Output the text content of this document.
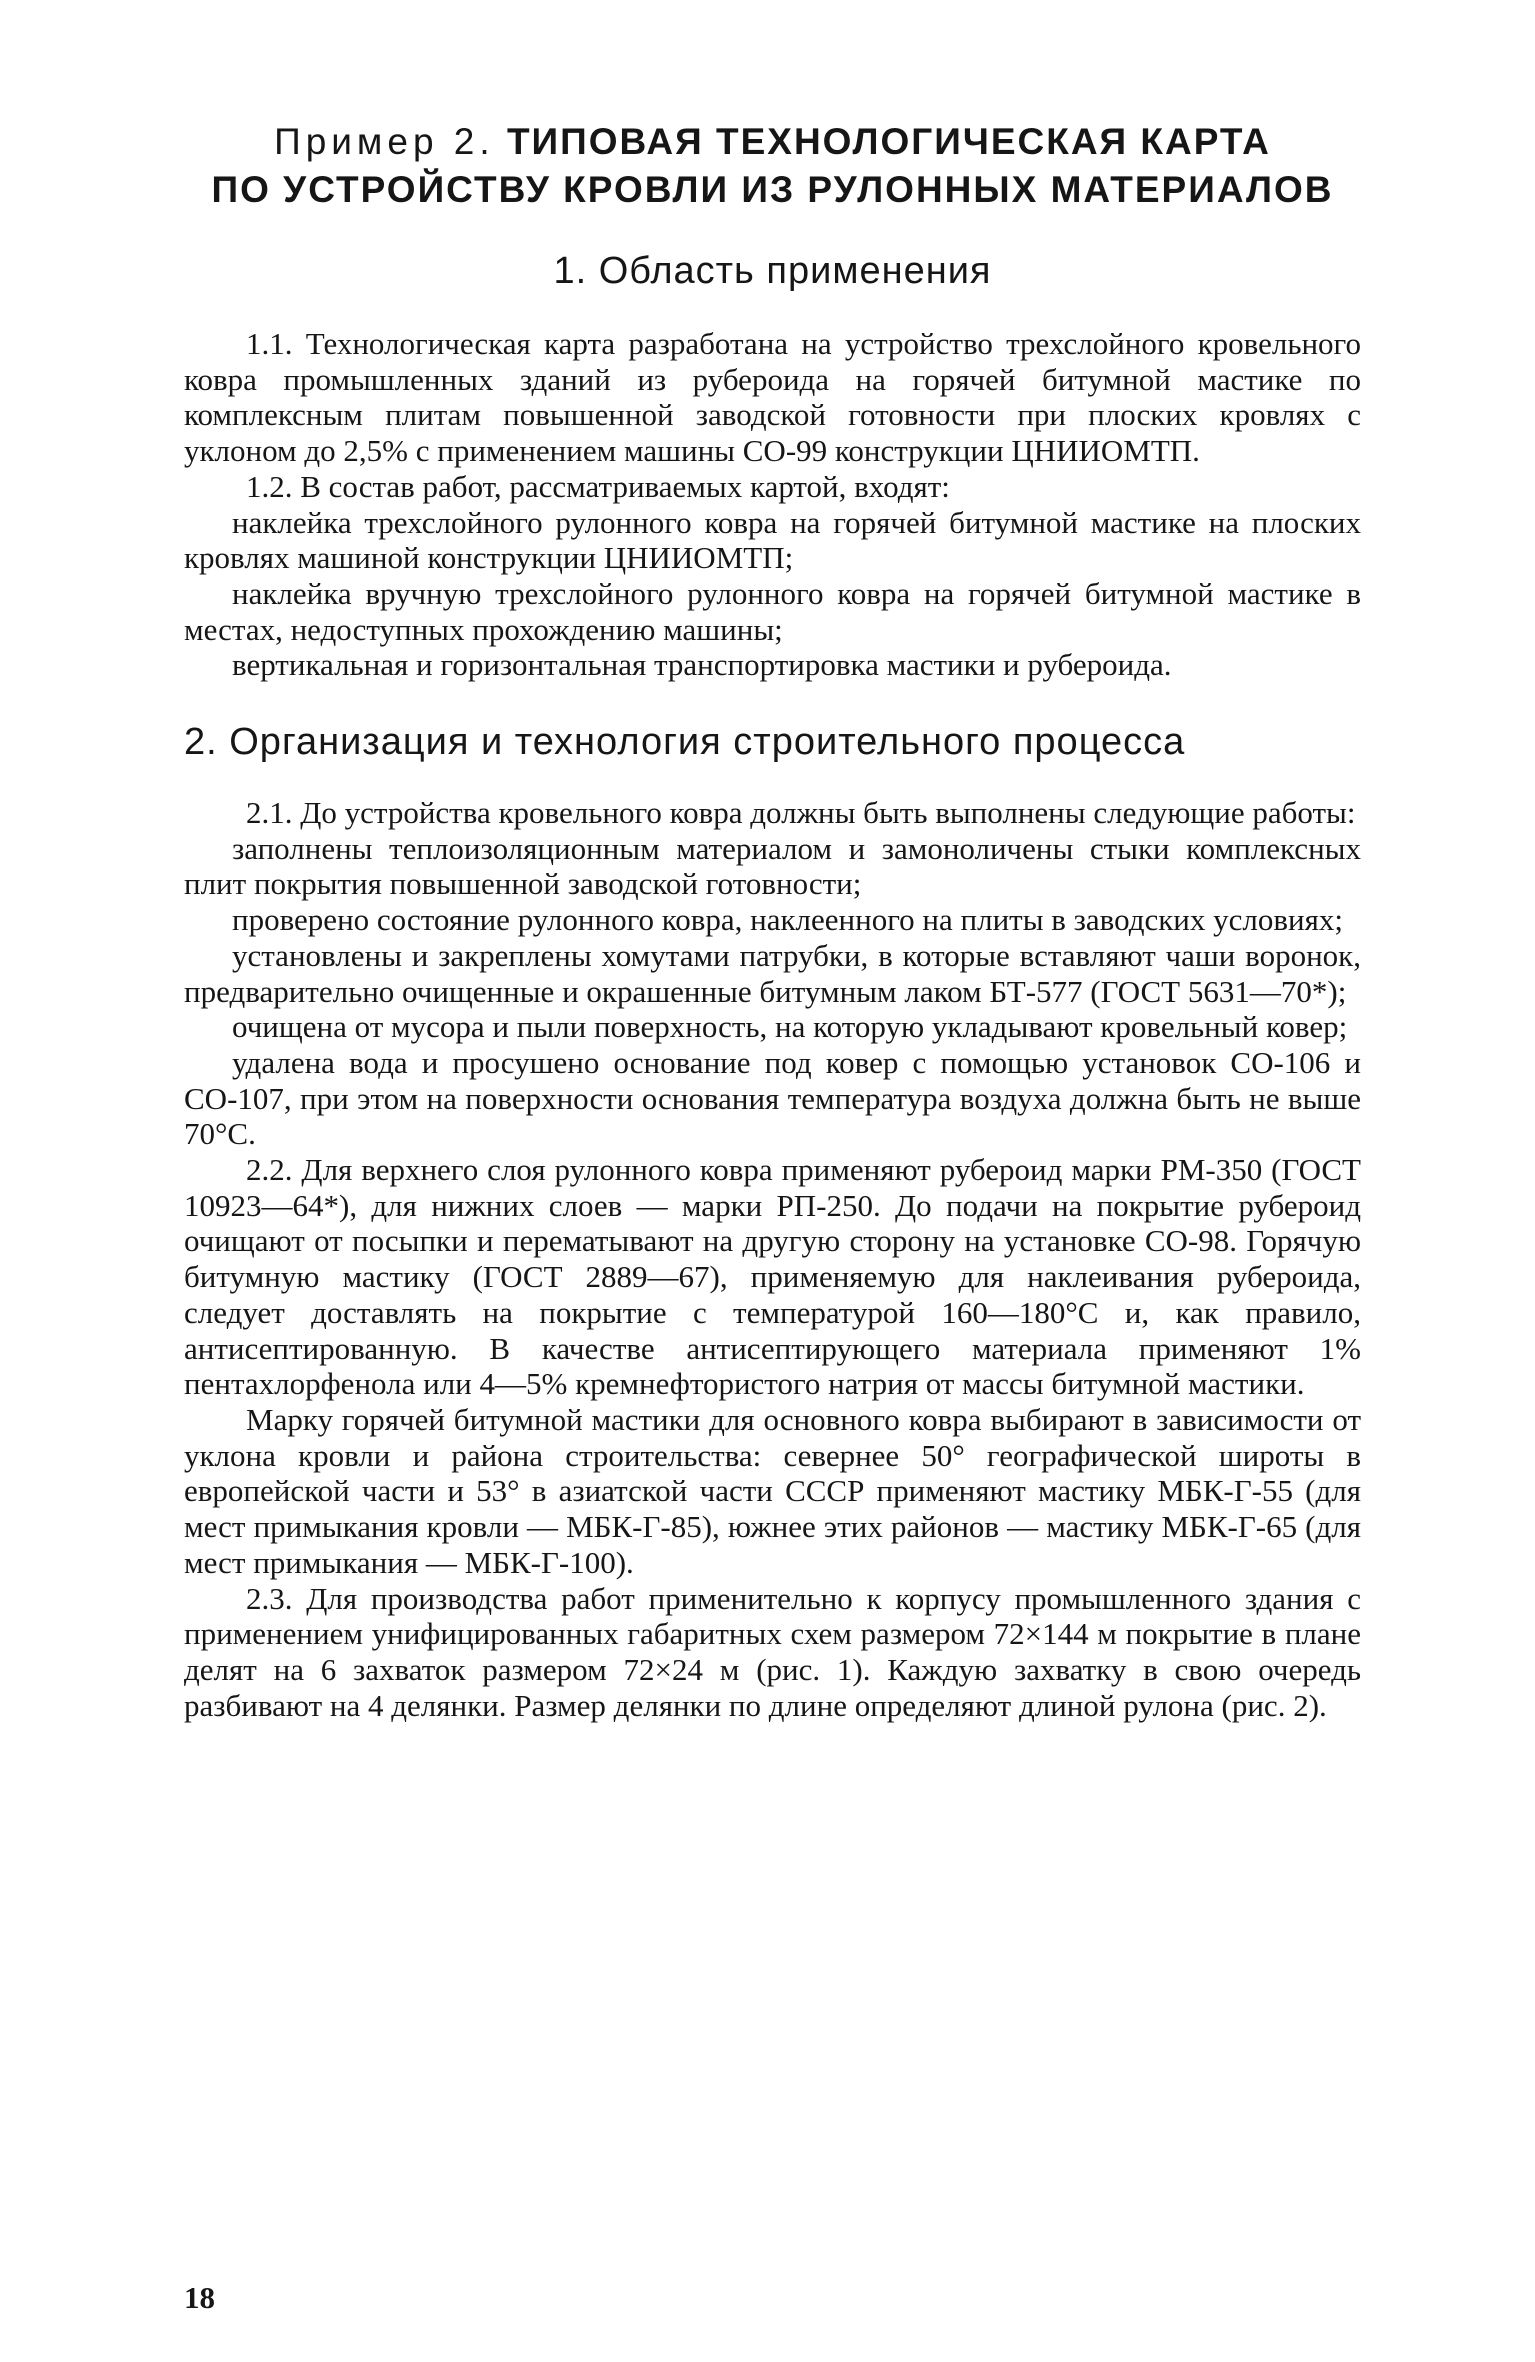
Пример 2. ТИПОВАЯ ТЕХНОЛОГИЧЕСКАЯ КАРТА
ПО УСТРОЙСТВУ КРОВЛИ ИЗ РУЛОННЫХ МАТЕРИАЛОВ
1. Область применения

1.1. Технологическая карта разработана на устройство трехслойного кровельного ковра промышленных зданий из рубероида на горячей битумной мастике по комплексным плитам повышенной заводской готовности при плоских кровлях с уклоном до 2,5% с применением машины СО-99 конструкции ЦНИИОМТП.

1.2. В состав работ, рассматриваемых картой, входят:

наклейка трехслойного рулонного ковра на горячей битумной мастике на плоских кровлях машиной конструкции ЦНИИОМТП;

наклейка вручную трехслойного рулонного ковра на горячей битумной мастике в местах, недоступных прохождению машины;

вертикальная и горизонтальная транспортировка мастики и рубероида.

2. Организация и технология строительного процесса

2.1. До устройства кровельного ковра должны быть выполнены следующие работы:

заполнены теплоизоляционным материалом и замоноличены стыки комплексных плит покрытия повышенной заводской готовности;

проверено состояние рулонного ковра, наклеенного на плиты в заводских условиях;

установлены и закреплены хомутами патрубки, в которые вставляют чаши воронок, предварительно очищенные и окрашенные битумным лаком БТ-577 (ГОСТ 5631—70*);

очищена от мусора и пыли поверхность, на которую укладывают кровельный ковер;

удалена вода и просушено основание под ковер с помощью установок СО-106 и СО-107, при этом на поверхности основания температура воздуха должна быть не выше 70°С.

2.2. Для верхнего слоя рулонного ковра применяют рубероид марки РМ-350 (ГОСТ 10923—64*), для нижних слоев — марки РП-250. До подачи на покрытие рубероид очищают от посыпки и перематывают на другую сторону на установке СО-98. Горячую битумную мастику (ГОСТ 2889—67), применяемую для наклеивания рубероида, следует доставлять на покрытие с температурой 160—180°С и, как правило, антисептированную. В качестве антисептирующего материала применяют 1% пентахлорфенола или 4—5% кремнефтористого натрия от массы битумной мастики.

Марку горячей битумной мастики для основного ковра выбирают в зависимости от уклона кровли и района строительства: севернее 50° географической широты в европейской части и 53° в азиатской части СССР применяют мастику МБК-Г-55 (для мест примыкания кровли — МБК-Г-85), южнее этих районов — мастику МБК-Г-65 (для мест примыкания — МБК-Г-100).

2.3. Для производства работ применительно к корпусу промышленного здания с применением унифицированных габаритных схем размером 72×144 м покрытие в плане делят на 6 захваток размером 72×24 м (рис. 1). Каждую захватку в свою очередь разбивают на 4 делянки. Размер делянки по длине определяют длиной рулона (рис. 2).

18
